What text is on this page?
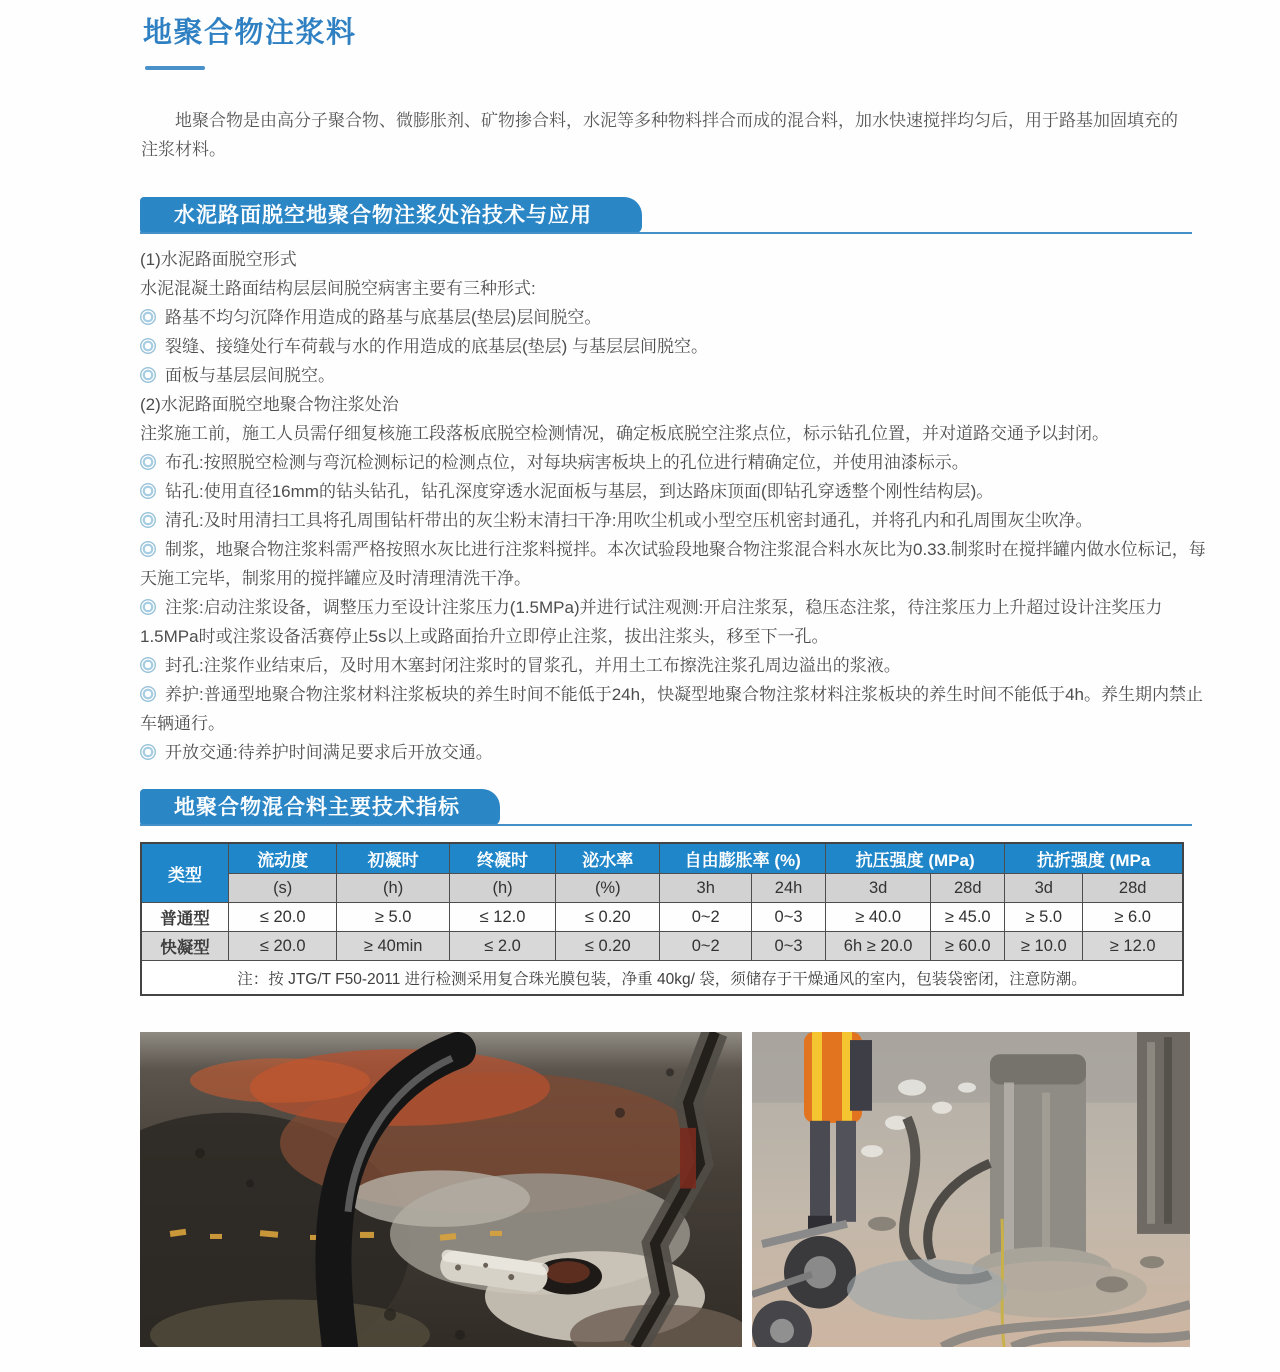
地聚合物注浆料
地聚合物是由高分子聚合物、微膨胀剂、矿物掺合料，水泥等多种物料拌合而成的混合料，加水快速搅拌均匀后，用于路基加固填充的注浆材料。
水泥路面脱空地聚合物注浆处治技术与应用

(1)水泥路面脱空形式

水泥混凝土路面结构层层间脱空病害主要有三种形式:

路基不均匀沉降作用造成的路基与底基层(垫层)层间脱空。

裂缝、接缝处行车荷载与水的作用造成的底基层(垫层) 与基层层间脱空。

面板与基层层间脱空。

(2)水泥路面脱空地聚合物注浆处治

注浆施工前，施工人员需仔细复核施工段落板底脱空检测情况，确定板底脱空注浆点位，标示钻孔位置，并对道路交通予以封闭。

布孔:按照脱空检测与弯沉检测标记的检测点位，对每块病害板块上的孔位进行精确定位，并使用油漆标示。

钻孔:使用直径16mm的钻头钻孔，钻孔深度穿透水泥面板与基层，到达路床顶面(即钻孔穿透整个刚性结构层)。

清孔:及时用清扫工具将孔周围钻杆带出的灰尘粉末清扫干净:用吹尘机或小型空压机密封通孔，并将孔内和孔周围灰尘吹净。

制浆，地聚合物注浆料需严格按照水灰比进行注浆料搅拌。本次试验段地聚合物注浆混合料水灰比为0.33.制浆时在搅拌罐内做水位标记，每天施工完毕，制浆用的搅拌罐应及时清理清洗干净。

注浆:启动注浆设备，调整压力至设计注浆压力(1.5MPa)并进行试注观测:开启注浆泵，稳压态注浆，待注浆压力上升超过设计注奖压力1.5MPa时或注浆设备活赛停止5s以上或路面抬升立即停止注浆，拔出注浆头，移至下一孔。

封孔:注浆作业结束后，及时用木塞封闭注浆时的冒浆孔，并用土工布擦洗注浆孔周边溢出的浆液。

养护:普通型地聚合物注浆材料注浆板块的养生时间不能低于24h，快凝型地聚合物注浆材料注浆板块的养生时间不能低于4h。养生期内禁止车辆通行。

开放交通:待养护时间满足要求后开放交通。

地聚合物混合料主要技术指标
类型	流动度	初凝时	终凝时	泌水率	自由膨胀率 (%)		抗压强度 (MPa)		抗折强度 (MPa	
	(s)	(h)	(h)	(%)	3h	24h	3d	28d	3d	28d
普通型	≤ 20.0	≥ 5.0	≤ 12.0	≤ 0.20	0~2	0~3	≥ 40.0	≥ 45.0	≥ 5.0	≥ 6.0
快凝型	≤ 20.0	≥ 40min	≤ 2.0	≤ 0.20	0~2	0~3	6h ≥ 20.0	≥ 60.0	≥ 10.0	≥ 12.0
注：按 JTG/T F50-2011 进行检测采用复合珠光膜包装，净重 40kg/ 袋，须储存于干燥通风的室内，包装袋密闭，注意防潮。										
